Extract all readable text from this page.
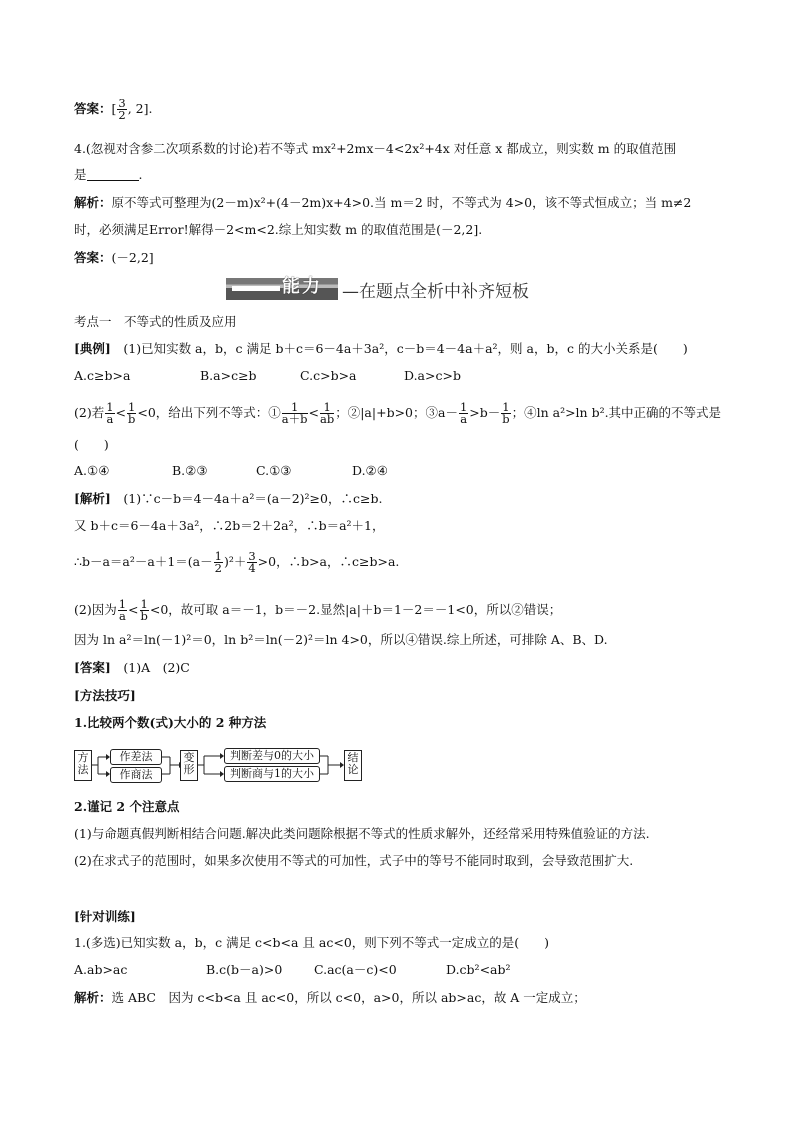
答案：[ $\frac{3}{2}$ , 2].
4.(忽视对含参二次项系数的讨论)若不等式 mx²+2mx－4<2x²+4x 对任意 x 都成立，则实数 m 的取值范围
是	.
解析：原不等式可整理为(2－m)x²+(4－2m)x+4>0.当 m＝2 时，不等式为 4>0，该不等式恒成立；当 m≠2
时，必须满足Error!解得－2<m<2.综上知实数 m 的取值范围是(－2,2].
答案：(－2,2]
能力 —在题点全析中补齐短板
考点一　不等式的性质及应用
[典例]　 (1)已知实数 a，b，c 满足 b＋c＝6－4a＋3a²，c－b＝4－4a＋a²，则 a，b，c 的大小关系是(　　)
A.c≥b>a	B.a>c≥b	C.c>b>a	D.a>c>b
(2)若 $\frac{1}{a} < \frac{1}{b} <0$，给出下列不等式：① $\frac{1}{a+b} < \frac{1}{ab}$ ；②|a|+b>0；③a－ $\frac{1}{a} >b- \frac{1}{b}$ ；④ln a²>ln b².其中正确的不等式是
(　　)
A.①④	B.②③	C.①③	D.②④
[解析]　 (1)∵c－b＝4－4a＋a²＝(a－2)²≥0，∴c≥b.
又 b＋c＝6－4a＋3a²，∴2b＝2＋2a²，∴b＝a²＋1，
∴b－a＝a²－a＋1＝(a－ $\frac{1}{2} )^2+ \frac{3}{4} >0$，∴b>a，∴c≥b>a.
(2)因为 $\frac{1}{a} < \frac{1}{b} <0$，故可取 a＝－1，b＝－2.显然|a|＋b＝1－2＝－1<0，所以②错误；
因为 ln a²＝ln(－1)²＝0，ln b²＝ln(－2)²＝ln 4>0，所以④错误.综上所述，可排除 A、B、D.
[答案]　 (1)A　(2)C
[方法技巧]
1.比较两个数(式)大小的 2 种方法
方法
作差法
作商法
变形
判断差与0的大小
判断商与1的大小
结论
2.谨记 2 个注意点
(1)与命题真假判断相结合问题.解决此类问题除根据不等式的性质求解外，还经常采用特殊值验证的方法.
(2)在求式子的范围时，如果多次使用不等式的可加性，式子中的等号不能同时取到，会导致范围扩大.
[针对训练]
1.(多选)已知实数 a，b，c 满足 c<b<a 且 ac<0，则下列不等式一定成立的是(　　)
A.ab>ac	B.c(b－a)>0	C.ac(a－c)<0	D.cb²<ab²
解析：选 ABC　因为 c<b<a 且 ac<0，所以 c<0，a>0，所以 ab>ac，故 A 一定成立；
